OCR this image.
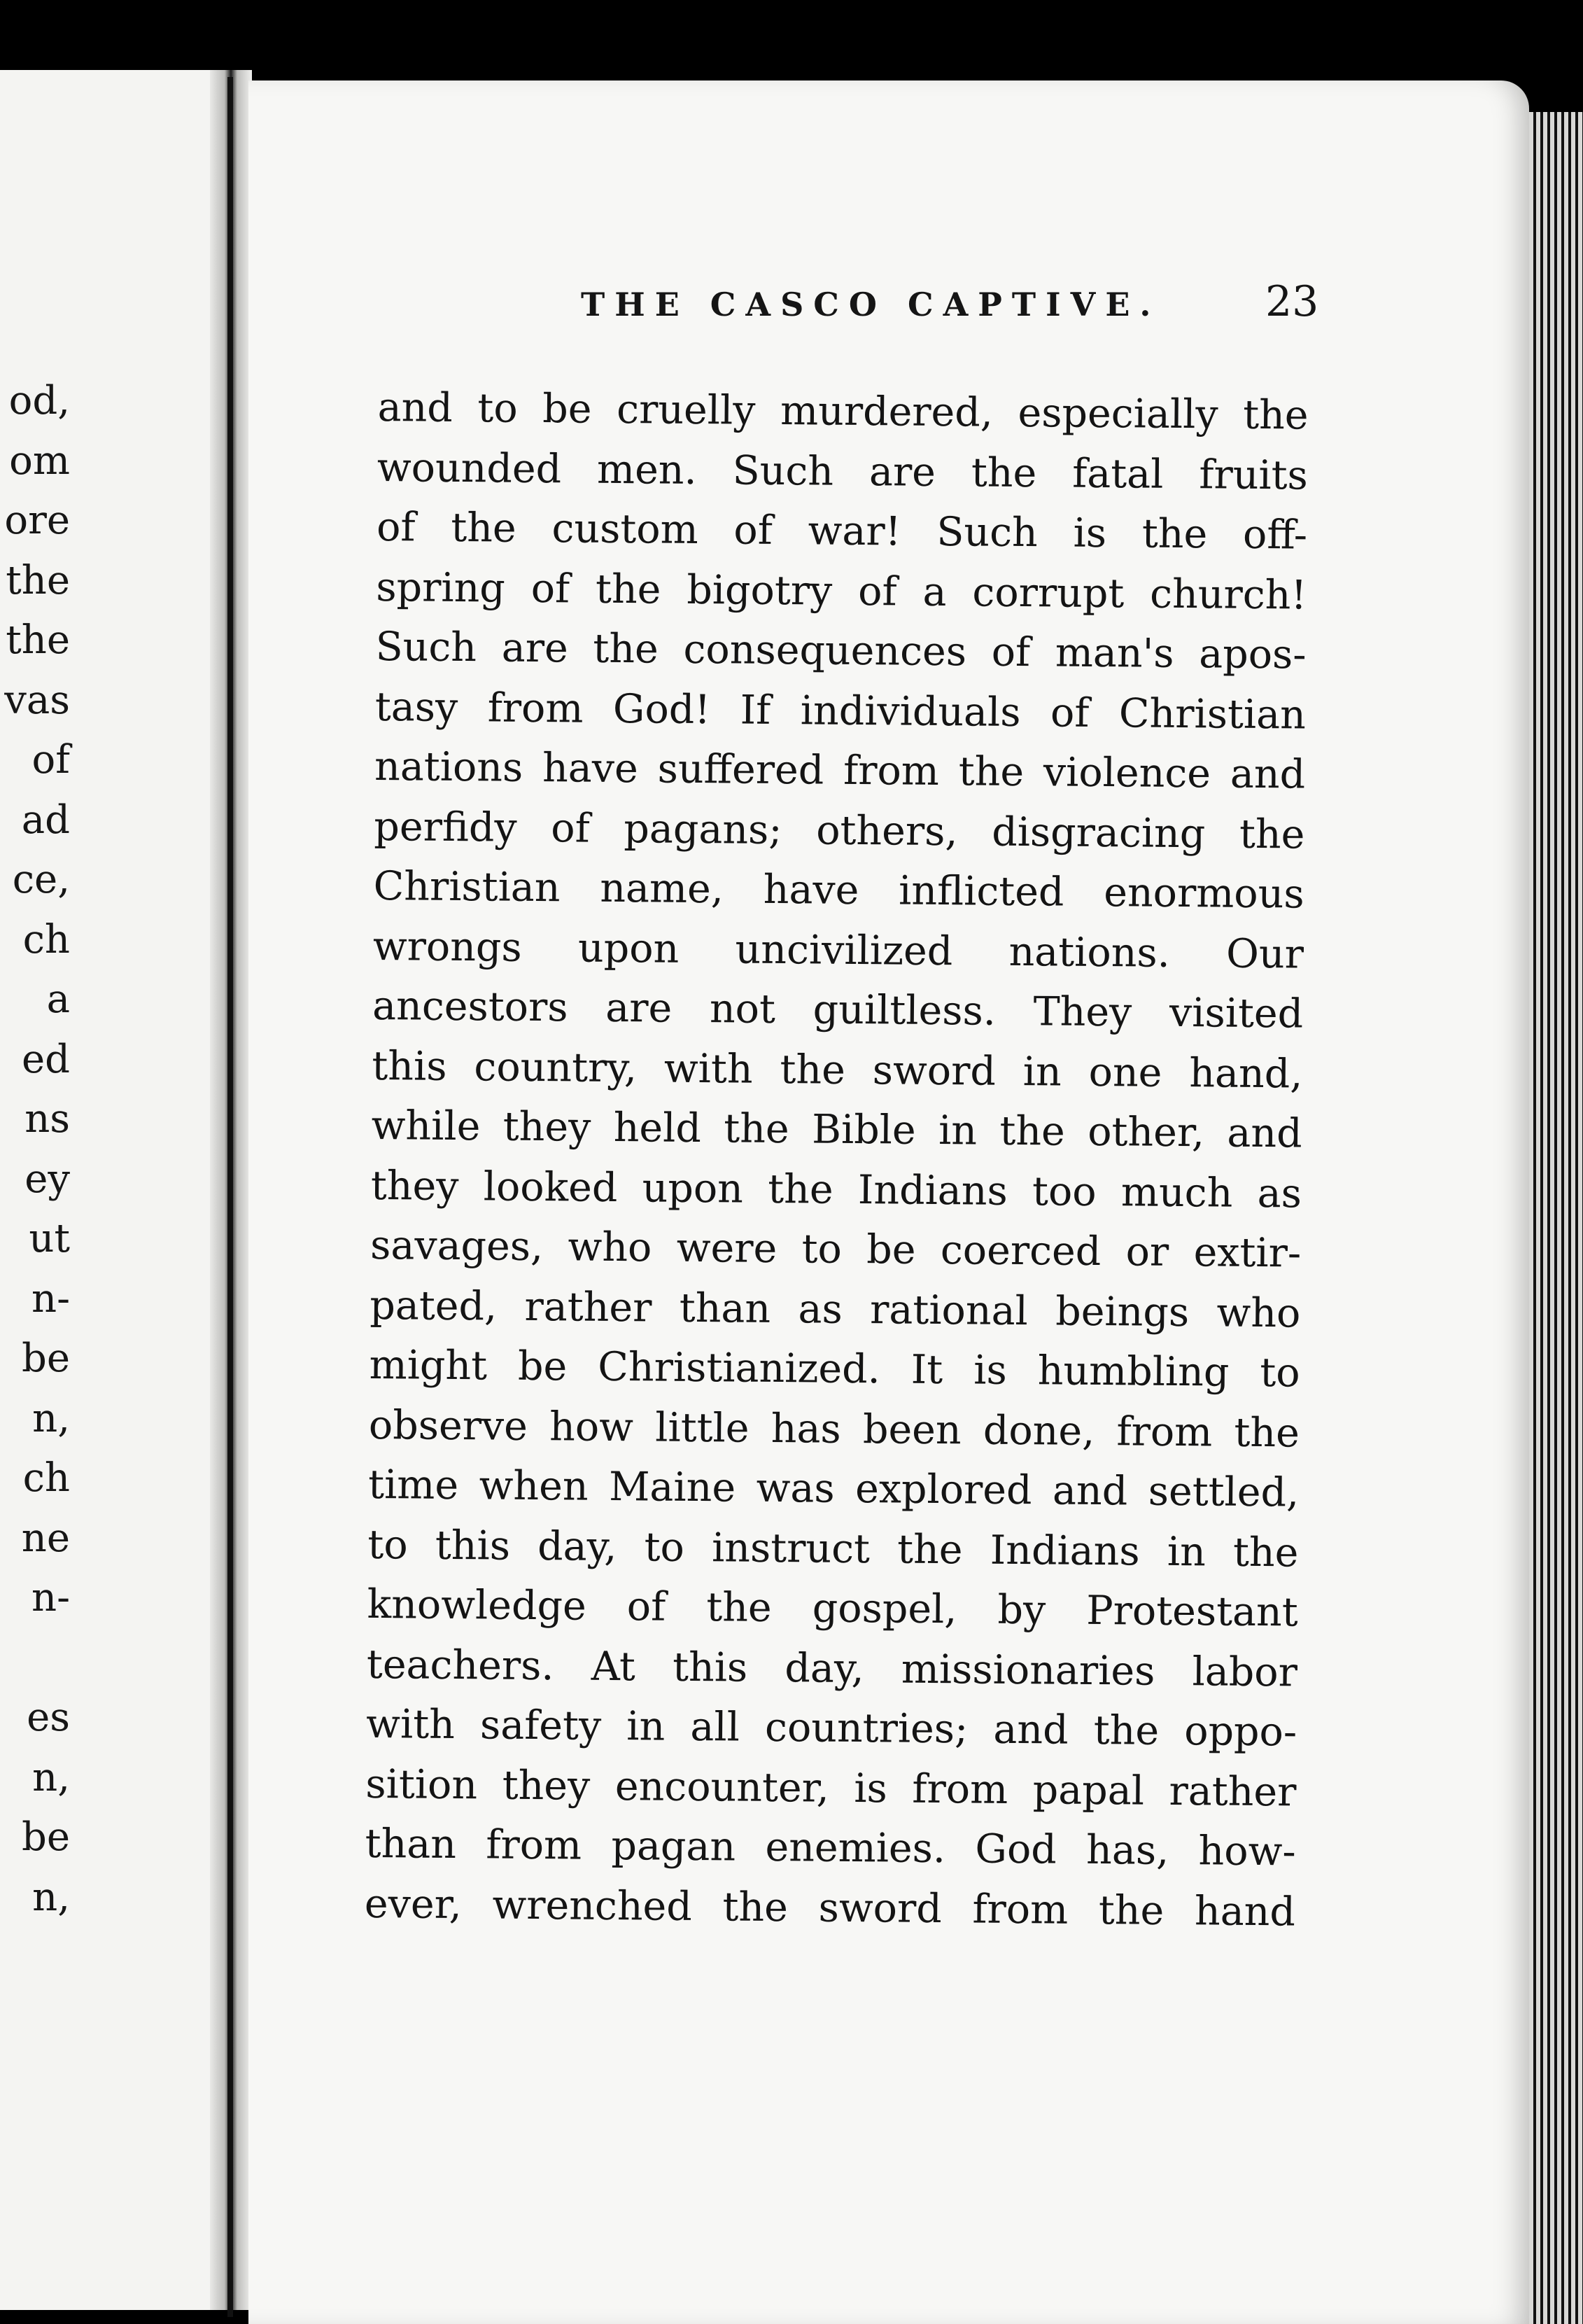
od,
om
ore
the
the
vas
of
ad
ce,
ch
a
ed
ns
ey
ut
n-
be
n,
ch
ne
n-
es
n,
be
n,
THE CASCO CAPTIVE. 23
and to be cruelly murdered, especially the
wounded men. Such are the fatal fruits
of the custom of war! Such is the off-
spring of the bigotry of a corrupt church!
Such are the consequences of man's apos-
tasy from God! If individuals of Christian
nations have suffered from the violence and
perfidy of pagans; others, disgracing the
Christian name, have inflicted enormous
wrongs upon uncivilized nations. Our
ancestors are not guiltless. They visited
this country, with the sword in one hand,
while they held the Bible in the other, and
they looked upon the Indians too much as
savages, who were to be coerced or extir-
pated, rather than as rational beings who
might be Christianized. It is humbling to
observe how little has been done, from the
time when Maine was explored and settled,
to this day, to instruct the Indians in the
knowledge of the gospel, by Protestant
teachers. At this day, missionaries labor
with safety in all countries; and the oppo-
sition they encounter, is from papal rather
than from pagan enemies. God has, how-
ever, wrenched the sword from the hand
